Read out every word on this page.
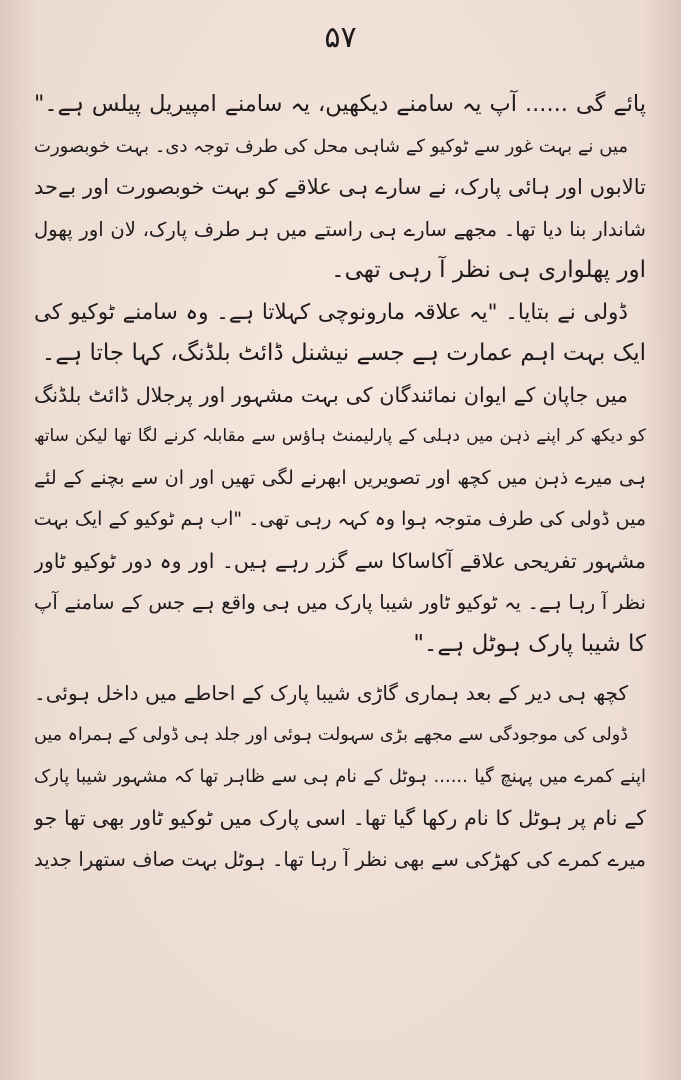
۵۷
پائے گی ...... آپ یہ سامنے دیکھیں، یہ سامنے امپیریل پیلس ہے۔"
میں نے بہت غور سے ٹوکیو کے شاہی محل کی طرف توجہ دی۔ بہت خوبصورت
تالابوں اور ہائی پارک، نے سارے ہی علاقے کو بہت خوبصورت اور بےحد
شاندار بنا دیا تھا۔ مجھے سارے ہی راستے میں ہر طرف پارک، لان اور پھول
اور پھلواری ہی نظر آ رہی تھی۔
ڈولی نے بتایا۔ "یہ علاقہ مارونوچی کہلاتا ہے۔ وہ سامنے ٹوکیو کی
ایک بہت اہم عمارت ہے جسے نیشنل ڈائٹ بلڈنگ، کہا جاتا ہے۔
میں جاپان کے ایوان نمائندگان کی بہت مشہور اور پرجلال ڈائٹ بلڈنگ
کو دیکھ کر اپنے ذہن میں دہلی کے پارلیمنٹ ہاؤس سے مقابلہ کرنے لگا تھا لیکن ساتھ
ہی میرے ذہن میں کچھ اور تصویریں ابھرنے لگی تھیں اور ان سے بچنے کے لئے
میں ڈولی کی طرف متوجہ ہوا وہ کہہ رہی تھی۔ "اب ہم ٹوکیو کے ایک بہت
مشہور تفریحی علاقے آکاساکا سے گزر رہے ہیں۔ اور وہ دور ٹوکیو ٹاور
نظر آ رہا ہے۔ یہ ٹوکیو ٹاور شیبا پارک میں ہی واقع ہے جس کے سامنے آپ
کا شیبا پارک ہوٹل ہے۔"
کچھ ہی دیر کے بعد ہماری گاڑی شیبا پارک کے احاطے میں داخل ہوئی۔
ڈولی کی موجودگی سے مجھے بڑی سہولت ہوئی اور جلد ہی ڈولی کے ہمراہ میں
اپنے کمرے میں پہنچ گیا ...... ہوٹل کے نام ہی سے ظاہر تھا کہ مشہور شیبا پارک
کے نام پر ہوٹل کا نام رکھا گیا تھا۔ اسی پارک میں ٹوکیو ٹاور بھی تھا جو
میرے کمرے کی کھڑکی سے بھی نظر آ رہا تھا۔ ہوٹل بہت صاف ستھرا جدید
